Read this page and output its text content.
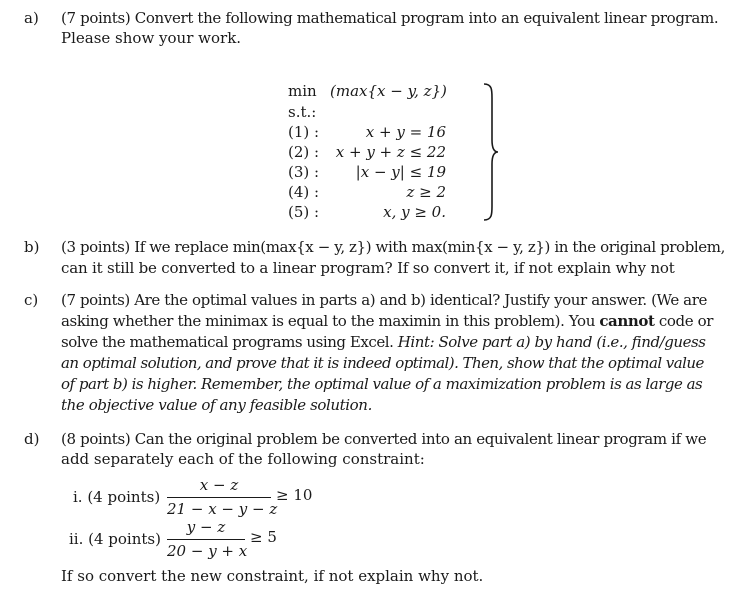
a) (7 points) Convert the following mathematical program into an equivalent linear program.
Please show your work.
min (max{x − y, z})
s.t.:
(1) :	x + y = 16
(2) :	x + y + z ≤ 22
(3) :	|x − y| ≤ 19
(4) :	z ≥ 2
(5) :	x, y ≥ 0.
b) (3 points) If we replace min(max{x − y, z}) with max(min{x − y, z}) in the original problem,
can it still be converted to a linear program? If so convert it, if not explain why not
c) (7 points) Are the optimal values in parts a) and b) identical? Justify your answer. (We are
asking whether the minimax is equal to the maximin in this problem). You cannot code or
solve the mathematical programs using Excel. Hint: Solve part a) by hand (i.e., find/guess
an optimal solution, and prove that it is indeed optimal). Then, show that the optimal value
of part b) is higher. Remember, the optimal value of a maximization problem is as large as
the objective value of any feasible solution.
d) (8 points) Can the original problem be converted into an equivalent linear program if we
add separately each of the following constraint:
i. (4 points)
x − z
21 − x − y − z
≥ 10
ii. (4 points)
y − z
20 − y + x
≥ 5
If so convert the new constraint, if not explain why not.
